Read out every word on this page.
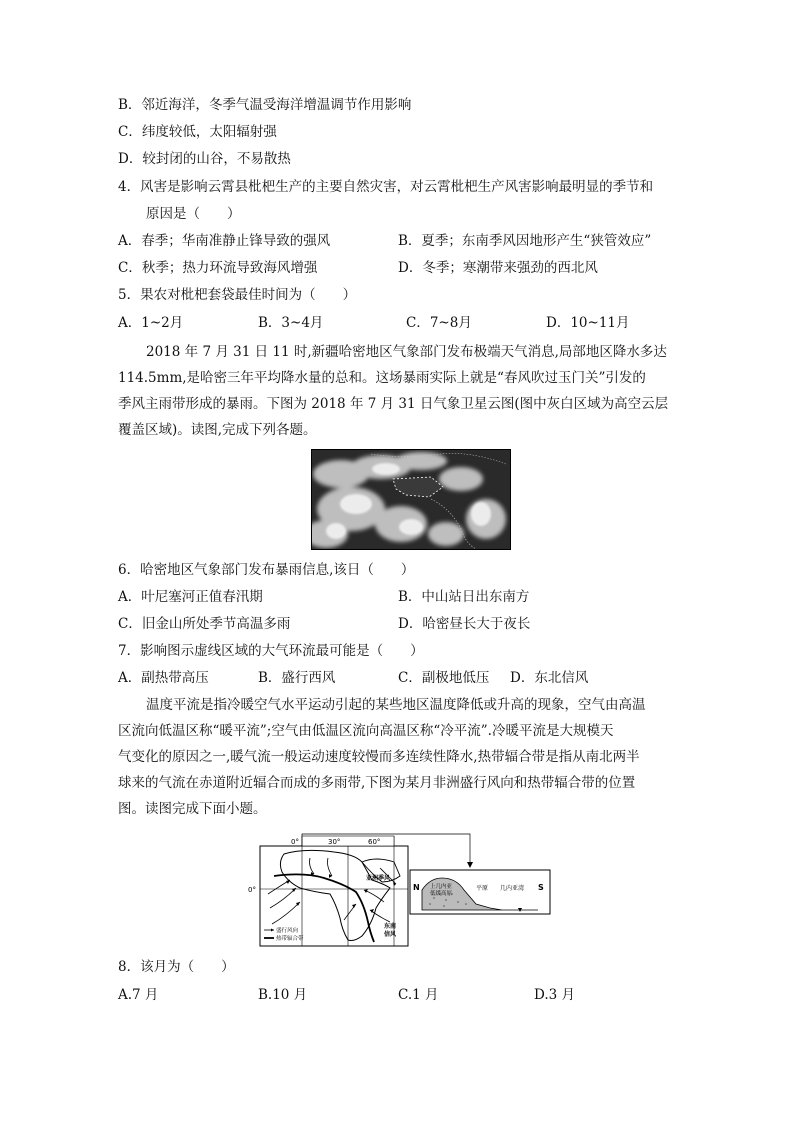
B．邻近海洋，冬季气温受海洋增温调节作用影响
C．纬度较低，太阳辐射强
D．较封闭的山谷，不易散热
4．风害是影响云霄县枇杷生产的主要自然灾害，对云霄枇杷生产风害影响最明显的季节和
原因是（　　）
A．春季；华南准静止锋导致的强风	B．夏季；东南季风因地形产生“狭管效应”
C．秋季；热力环流导致海风增强	D．冬季；寒潮带来强劲的西北风
5．果农对枇杷套袋最佳时间为（　　）
A．1~2月	B．3~4月	C．7~8月	D．10~11月
2018 年 7 月 31 日 11 时,新疆哈密地区气象部门发布极端天气消息,局部地区降水多达
114.5mm,是哈密三年平均降水量的总和。这场暴雨实际上就是“春风吹过玉门关”引发的
季风主雨带形成的暴雨。下图为 2018 年 7 月 31 日气象卫星云图(图中灰白区域为高空云层
覆盖区域)。读图,完成下列各题。
6．哈密地区气象部门发布暴雨信息,该日（　　）
A．叶尼塞河正值春汛期	B．中山站日出东南方
C．旧金山所处季节高温多雨	D．哈密昼长大于夜长
7．影响图示虚线区域的大气环流最可能是（　　）
A．副热带高压	B．盛行西风	C．副极地低压 D．东北信风
温度平流是指冷暖空气水平运动引起的某些地区温度降低或升高的现象，空气由高温
区流向低温区称“暖平流”;空气由低温区流向高温区称“冷平流”.冷暖平流是大规模天
气变化的原因之一,暖气流一般运动速度较慢而多连续性降水,热带辐合带是指从南北两半
球来的气流在赤道附近辐合而成的多雨带,下图为某月非洲盛行风向和热带辐合带的位置
图。读图完成下面小题。
0°	30°	60°
0°
亚洲季风
东南
信风
盛行风向
热带辐合带
N	S
上几内亚
低缓高原
平原 几内亚湾
8．该月为（　　）
A.7 月	B.10 月	C.1 月	D.3 月
